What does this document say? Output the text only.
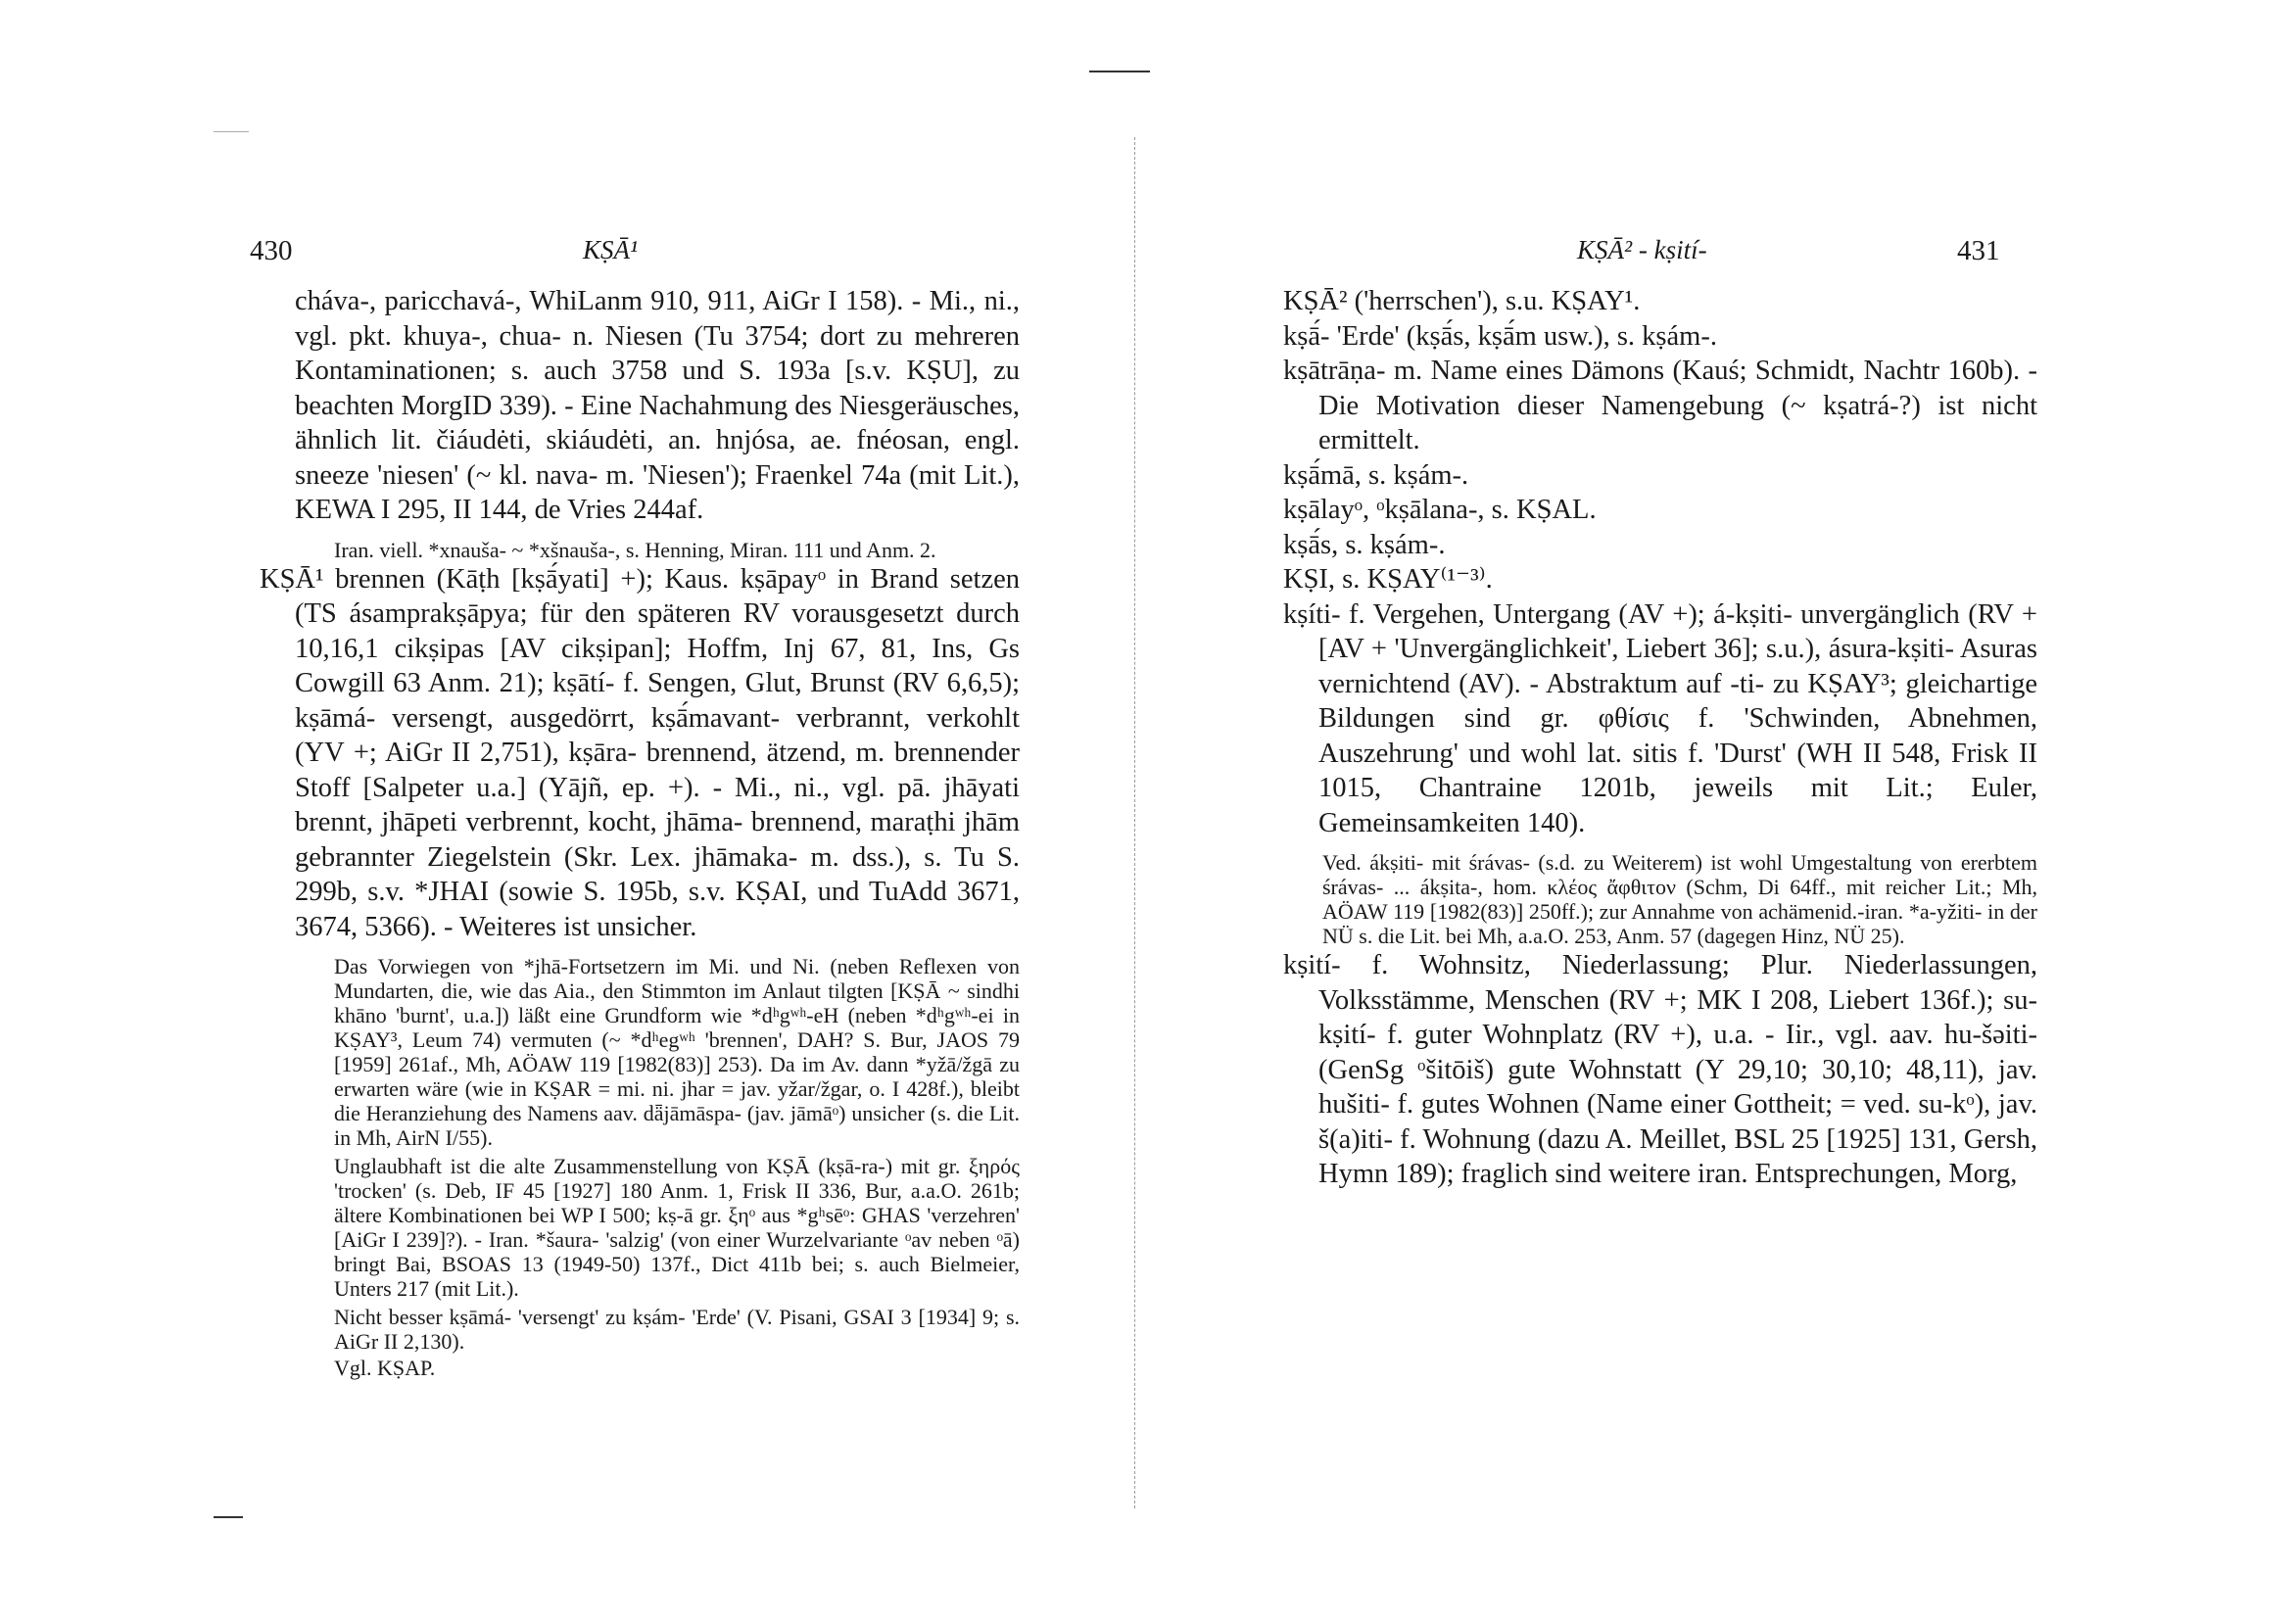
430	KṢĀ¹

cháva-, paricchavá-, WhiLanm 910, 911, AiGr I 158). - Mi., ni., vgl. pkt. khuya-, chua- n. Niesen (Tu 3754; dort zu mehreren Kontaminationen; s. auch 3758 und S. 193a [s.v. KṢU], zu beachten MorgID 339). - Eine Nachahmung des Niesgeräusches, ähnlich lit. čiáudėti, skiáudėti, an. hnjósa, ae. fnéosan, engl. sneeze 'niesen' (~ kl. nava- m. 'Niesen'); Fraenkel 74a (mit Lit.), KEWA I 295, II 144, de Vries 244af.

Iran. viell. *xnauša- ~ *xšnauša-, s. Henning, Miran. 111 und Anm. 2.

KṢĀ¹ brennen (Kāṭh [kṣā́yati] +); Kaus. kṣāpayᵒ in Brand setzen (TS ásamprakṣāpya; für den späteren RV vorausgesetzt durch 10,16,1 cikṣipas [AV cikṣipan]; Hoffm, Inj 67, 81, Ins, Gs Cowgill 63 Anm. 21); kṣātí- f. Sengen, Glut, Brunst (RV 6,6,5); kṣāmá- versengt, ausgedörrt, kṣā́mavant- verbrannt, verkohlt (YV +; AiGr II 2,751), kṣāra- brennend, ätzend, m. brennender Stoff [Salpeter u.a.] (Yājñ, ep. +). - Mi., ni., vgl. pā. jhāyati brennt, jhāpeti verbrennt, kocht, jhāma- brennend, maraṭhi jhām gebrannter Ziegelstein (Skr. Lex. jhāmaka- m. dss.), s. Tu S. 299b, s.v. *JHAI (sowie S. 195b, s.v. KṢAI, und TuAdd 3671, 3674, 5366). - Weiteres ist unsicher.

Das Vorwiegen von *jhā-Fortsetzern im Mi. und Ni. (neben Reflexen von Mundarten, die, wie das Aia., den Stimmton im Anlaut tilgten [KṢĀ ~ sindhi khāno 'burnt', u.a.]) läßt eine Grundform wie *dʰgʷʰ-eH (neben *dʰgʷʰ-ei in KṢAY³, Leum 74) vermuten (~ *dʰegʷʰ 'brennen', DAH? S. Bur, JAOS 79 [1959] 261af., Mh, AÖAW 119 [1982(83)] 253). Da im Av. dann *yžā/žgā zu erwarten wäre (wie in KṢAR = mi. ni. jhar = jav. yžar/žgar, o. I 428f.), bleibt die Heranziehung des Namens aav. dǟjāmāspa- (jav. jāmāᵒ) unsicher (s. die Lit. in Mh, AirN I/55).

Unglaubhaft ist die alte Zusammenstellung von KṢĀ (kṣā-ra-) mit gr. ξηρός 'trocken' (s. Deb, IF 45 [1927] 180 Anm. 1, Frisk II 336, Bur, a.a.O. 261b; ältere Kombinationen bei WP I 500; kṣ-ā gr. ξηᵒ aus *gʰsēᵒ: GHAS 'verzehren' [AiGr I 239]?). - Iran. *šaura- 'salzig' (von einer Wurzelvariante ᵒav neben ᵒā) bringt Bai, BSOAS 13 (1949-50) 137f., Dict 411b bei; s. auch Bielmeier, Unters 217 (mit Lit.).

Nicht besser kṣāmá- 'versengt' zu kṣám- 'Erde' (V. Pisani, GSAI 3 [1934] 9; s. AiGr II 2,130).

Vgl. KṢAP.

KṢĀ² - kṣití-	431

KṢĀ² ('herrschen'), s.u. KṢAY¹.

kṣā́- 'Erde' (kṣā́s, kṣā́m usw.), s. kṣám-.

kṣātrāṇa- m. Name eines Dämons (Kauś; Schmidt, Nachtr 160b). - Die Motivation dieser Namengebung (~ kṣatrá-?) ist nicht ermittelt.

kṣā́mā, s. kṣám-.

kṣālayᵒ, ᵒkṣālana-, s. KṢAL.

kṣā́s, s. kṣám-.

KṢI, s. KṢAY⁽¹⁻³⁾.

kṣíti- f. Vergehen, Untergang (AV +); á-kṣiti- unvergänglich (RV + [AV + 'Unvergänglichkeit', Liebert 36]; s.u.), ásura-kṣiti- Asuras vernichtend (AV). - Abstraktum auf -ti- zu KṢAY³; gleichartige Bildungen sind gr. φθίσις f. 'Schwinden, Abnehmen, Auszehrung' und wohl lat. sitis f. 'Durst' (WH II 548, Frisk II 1015, Chantraine 1201b, jeweils mit Lit.; Euler, Gemeinsamkeiten 140).

Ved. ákṣiti- mit śrávas- (s.d. zu Weiterem) ist wohl Umgestaltung von ererbtem śrávas- ... ákṣita-, hom. κλέος ἄφθιτον (Schm, Di 64ff., mit reicher Lit.; Mh, AÖAW 119 [1982(83)] 250ff.); zur Annahme von achämenid.-iran. *a-yžiti- in der NÜ s. die Lit. bei Mh, a.a.O. 253, Anm. 57 (dagegen Hinz, NÜ 25).

kṣití- f. Wohnsitz, Niederlassung; Plur. Niederlassungen, Volksstämme, Menschen (RV +; MK I 208, Liebert 136f.); su-kṣití- f. guter Wohnplatz (RV +), u.a. - Iir., vgl. aav. hu-šəiti- (GenSg ᵒšitōiš) gute Wohnstatt (Y 29,10; 30,10; 48,11), jav. hušiti- f. gutes Wohnen (Name einer Gottheit; = ved. su-kᵒ), jav. š(a)iti- f. Wohnung (dazu A. Meillet, BSL 25 [1925] 131, Gersh, Hymn 189); fraglich sind weitere iran. Entsprechungen, Morg,
